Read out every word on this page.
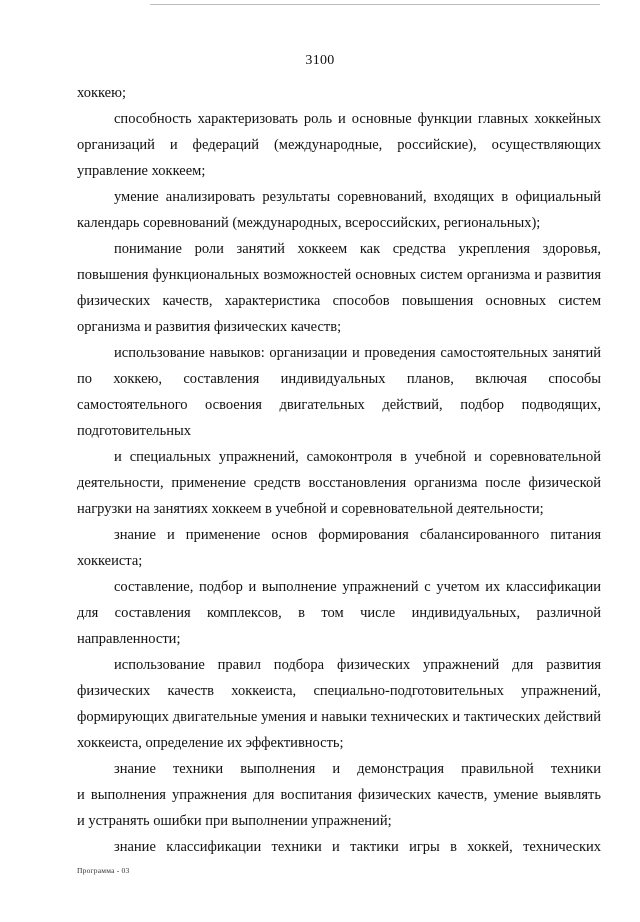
3100
хоккею;
способность характеризовать роль и основные функции главных хоккейных
организаций и федераций (международные, российские), осуществляющих
управление хоккеем;
умение анализировать результаты соревнований, входящих в официальный
календарь соревнований (международных, всероссийских, региональных);
понимание роли занятий хоккеем как средства укрепления здоровья,
повышения функциональных возможностей основных систем организма и развития
физических качеств, характеристика способов повышения основных систем
организма и развития физических качеств;
использование навыков: организации и проведения самостоятельных занятий
по хоккею, составления индивидуальных планов, включая способы
самостоятельного освоения двигательных действий, подбор подводящих,
подготовительных
и специальных упражнений, самоконтроля в учебной и соревновательной
деятельности, применение средств восстановления организма после физической
нагрузки на занятиях хоккеем в учебной и соревновательной деятельности;
знание и применение основ формирования сбалансированного питания
хоккеиста;
составление, подбор и выполнение упражнений с учетом их классификации
для составления комплексов, в том числе индивидуальных, различной
направленности;
использование правил подбора физических упражнений для развития
физических качеств хоккеиста, специально-подготовительных упражнений,
формирующих двигательные умения и навыки технических и тактических действий
хоккеиста, определение их эффективность;
знание техники выполнения и демонстрация правильной техники
и выполнения упражнения для воспитания физических качеств, умение выявлять
и устранять ошибки при выполнении упражнений;
знание классификации техники и тактики игры в хоккей, технических
Программа - 03
